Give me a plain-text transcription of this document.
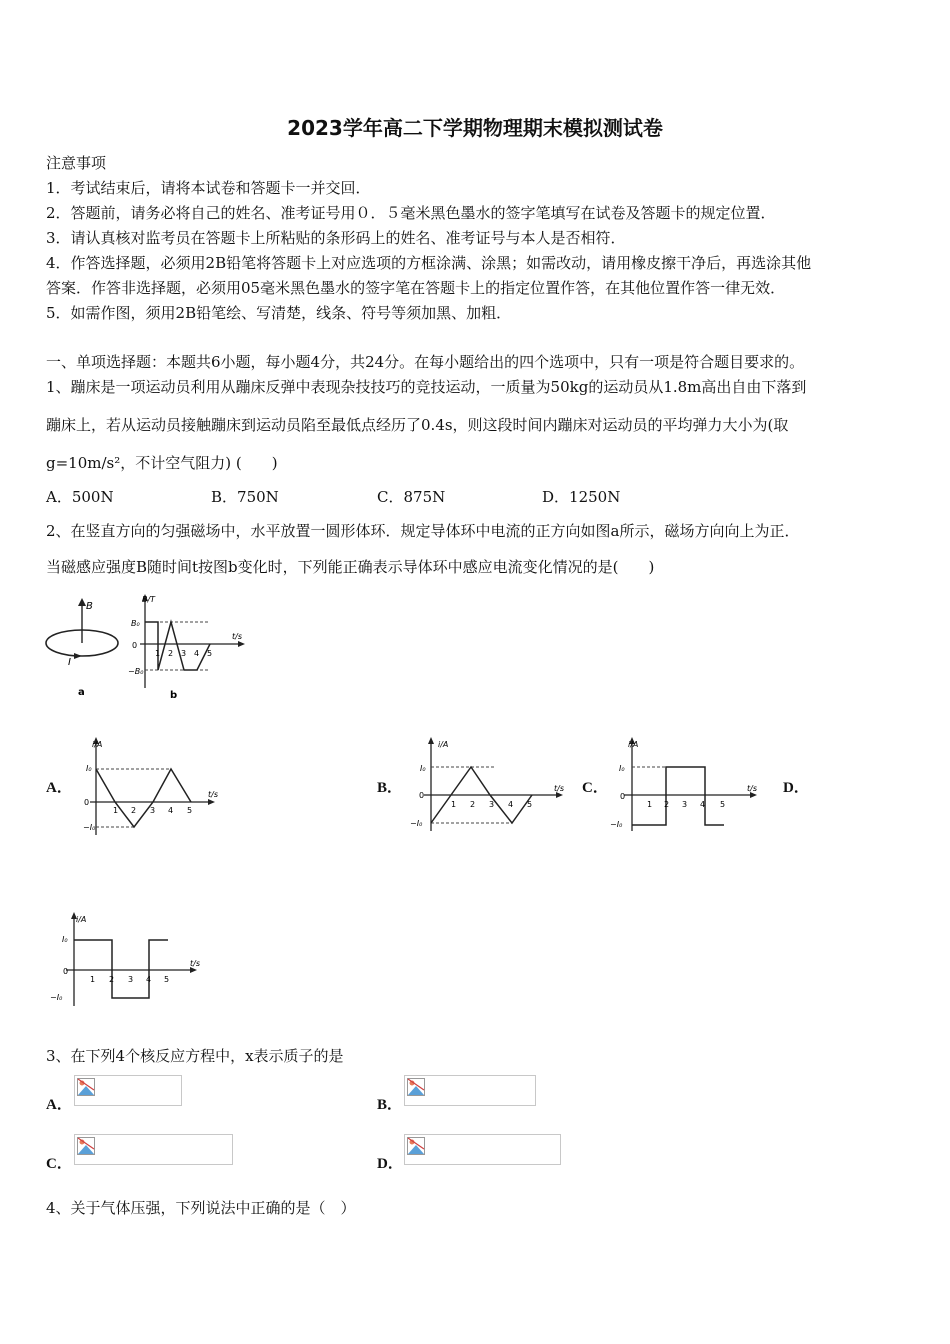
2023学年高二下学期物理期末模拟测试卷
注意事项
1．考试结束后，请将本试卷和答题卡一并交回．
2．答题前，请务必将自己的姓名、准考证号用０．５毫米黑色墨水的签字笔填写在试卷及答题卡的规定位置．
3．请认真核对监考员在答题卡上所粘贴的条形码上的姓名、准考证号与本人是否相符．
4．作答选择题，必须用2B铅笔将答题卡上对应选项的方框涂满、涂黑；如需改动，请用橡皮擦干净后，再选涂其他
答案．作答非选择题，必须用05毫米黑色墨水的签字笔在答题卡上的指定位置作答，在其他位置作答一律无效．
5．如需作图，须用2B铅笔绘、写清楚，线条、符号等须加黑、加粗．
一、单项选择题：本题共6小题，每小题4分，共24分。在每小题给出的四个选项中，只有一项是符合题目要求的。
1、蹦床是一项运动员利用从蹦床反弹中表现杂技技巧的竞技运动，一质量为50kg的运动员从1.8m高出自由下落到
蹦床上，若从运动员接触蹦床到运动员陷至最低点经历了0.4s，则这段时间内蹦床对运动员的平均弹力大小为(取
g=10m/s²，不计空气阻力) (　　)
A．500N	B．750N	C．875N	D．1250N
2、在竖直方向的匀强磁场中，水平放置一圆形体环．规定导体环中电流的正方向如图a所示，磁场方向向上为正．
当磁感应强度B随时间t按图b变化时，下列能正确表示导体环中感应电流变化情况的是(　　)
B
I
a
B/T
t/s
B₀
0
−B₀
1 2 3 4 5
b
A．	B．	C．	D．
i/A
t/s
I₀
0
−I₀
1 2 3 4 5
i/A
t/s
I₀
0
−I₀
1 2 3 4 5
i/A
t/s
I₀
0
−I₀
1 2 3 4 5
i/A
t/s
I₀
0
−I₀
1 2 3 4 5
3、在下列4个核反应方程中，x表示质子的是
A．	B．
C．	D．
4、关于气体压强，下列说法中正确的是（　）
